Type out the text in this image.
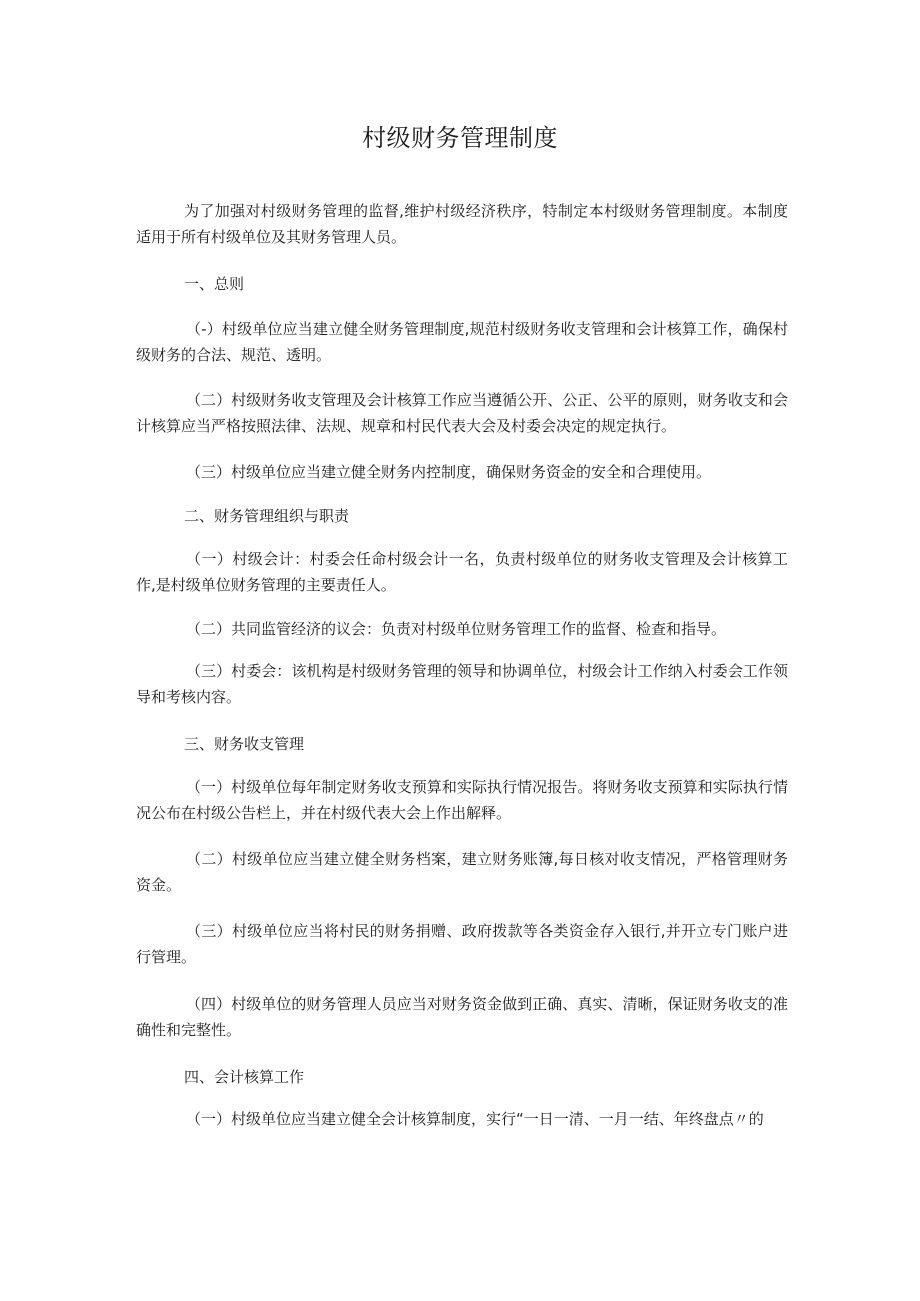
村级财务管理制度

为了加强对村级财务管理的监督,维护村级经济秩序，特制定本村级财务管理制度。本制度适用于所有村级单位及其财务管理人员。

一、总则

（-）村级单位应当建立健全财务管理制度,规范村级财务收支管理和会计核算工作，确保村级财务的合法、规范、透明。

（二）村级财务收支管理及会计核算工作应当遵循公开、公正、公平的原则，财务收支和会计核算应当严格按照法律、法规、规章和村民代表大会及村委会决定的规定执行。

（三）村级单位应当建立健全财务内控制度，确保财务资金的安全和合理使用。

二、财务管理组织与职责

（一）村级会计：村委会任命村级会计一名，负责村级单位的财务收支管理及会计核算工作,是村级单位财务管理的主要责任人。

（二）共同监管经济的议会：负责对村级单位财务管理工作的监督、检查和指导。

（三）村委会：该机构是村级财务管理的领导和协调单位，村级会计工作纳入村委会工作领导和考核内容。

三、财务收支管理

（一）村级单位每年制定财务收支预算和实际执行情况报告。将财务收支预算和实际执行情况公布在村级公告栏上，并在村级代表大会上作出解释。

（二）村级单位应当建立健全财务档案，建立财务账簿,每日核对收支情况，严格管理财务资金。

（三）村级单位应当将村民的财务捐赠、政府拨款等各类资金存入银行,并开立专门账户进行管理。

（四）村级单位的财务管理人员应当对财务资金做到正确、真实、清晰，保证财务收支的准确性和完整性。

四、会计核算工作

（一）村级单位应当建立健全会计核算制度，实行“一日一清、一月一结、年终盘点〃的
